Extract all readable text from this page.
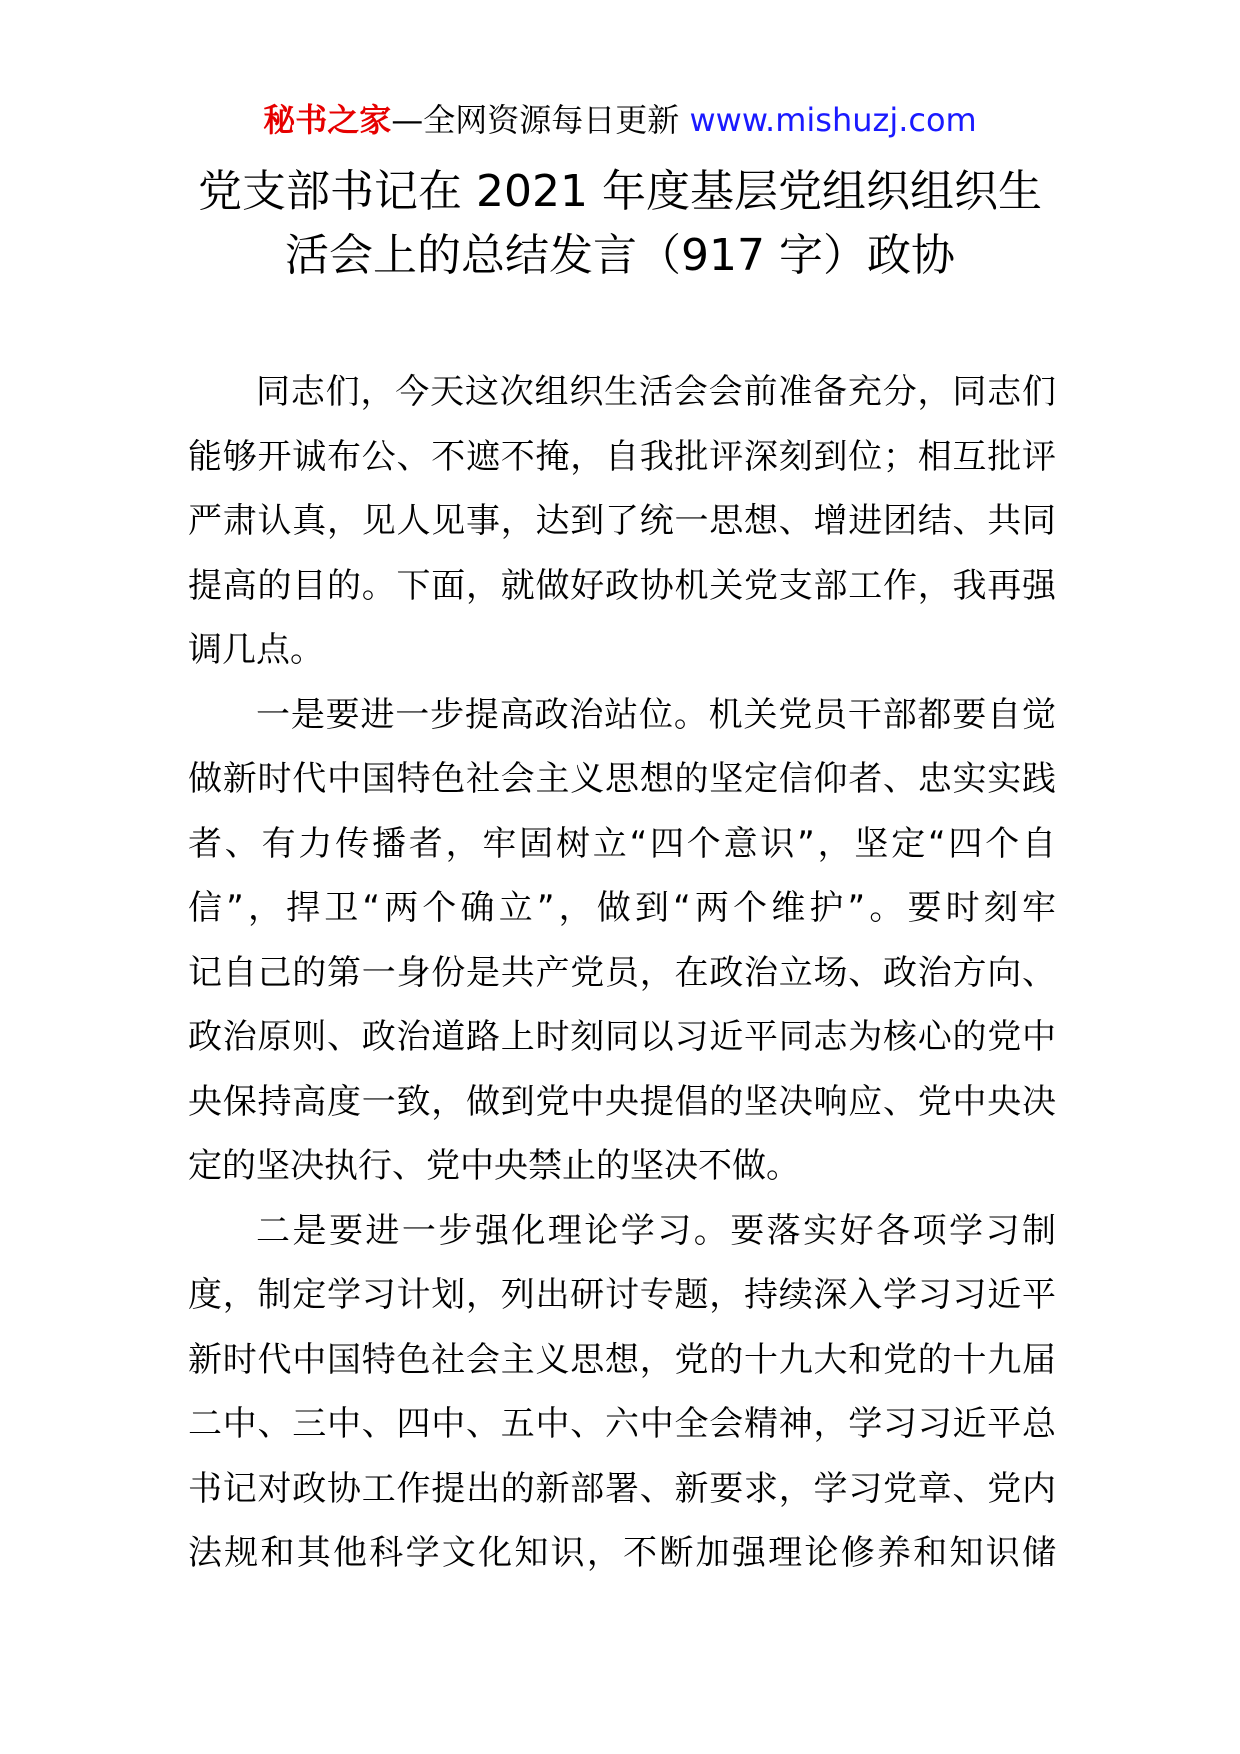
秘书之家—全网资源每日更新 www.mishuzj.com
党支部书记在 2021 年度基层党组织组织生
活会上的总结发言（917 字）政协
同志们，今天这次组织生活会会前准备充分，同志们
能够开诚布公、不遮不掩，自我批评深刻到位；相互批评
严肃认真，见人见事，达到了统一思想、增进团结、共同
提高的目的。下面，就做好政协机关党支部工作，我再强
调几点。
一是要进一步提高政治站位。机关党员干部都要自觉
做新时代中国特色社会主义思想的坚定信仰者、忠实实践
者、有力传播者，牢固树立“四个意识”，坚定“四个自
信”，捍卫“两个确立”，做到“两个维护”。要时刻牢
记自己的第一身份是共产党员，在政治立场、政治方向、
政治原则、政治道路上时刻同以习近平同志为核心的党中
央保持高度一致，做到党中央提倡的坚决响应、党中央决
定的坚决执行、党中央禁止的坚决不做。
二是要进一步强化理论学习。要落实好各项学习制
度，制定学习计划，列出研讨专题，持续深入学习习近平
新时代中国特色社会主义思想，党的十九大和党的十九届
二中、三中、四中、五中、六中全会精神，学习习近平总
书记对政协工作提出的新部署、新要求，学习党章、党内
法规和其他科学文化知识，不断加强理论修养和知识储
